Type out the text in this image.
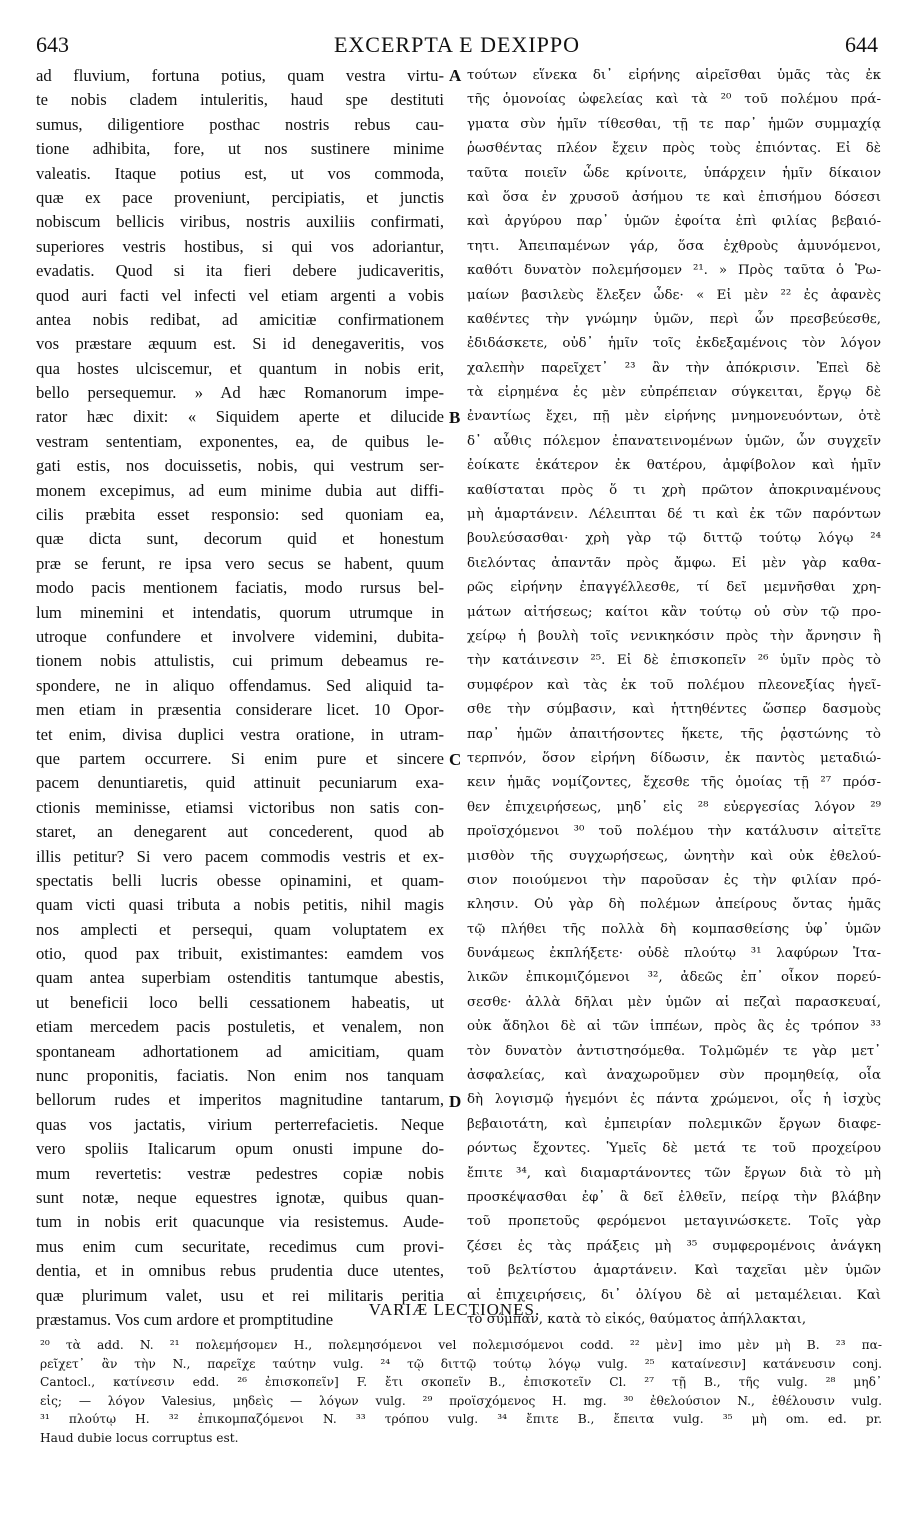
643	EXCERPTA E DEXIPPO	644
ad fluvium, fortuna potius, quam vestra virtu-
te nobis cladem intuleritis, haud spe destituti
sumus, diligentiore posthac nostris rebus cau-
tione adhibita, fore, ut nos sustinere minime
valeatis. Itaque potius est, ut vos commoda,
quæ ex pace proveniunt, percipiatis, et junctis
nobiscum bellicis viribus, nostris auxiliis confirmati,
superiores vestris hostibus, si qui vos adoriantur,
evadatis. Quod si ita fieri debere judicaveritis,
quod auri facti vel infecti vel etiam argenti a vobis
antea nobis redibat, ad amicitiæ confirmationem
vos præstare æquum est. Si id denegaveritis, vos
qua hostes ulciscemur, et quantum in nobis erit,
bello persequemur. » Ad hæc Romanorum impe-
rator hæc dixit: « Siquidem aperte et dilucide
vestram sententiam, exponentes, ea, de quibus le-
gati estis, nos docuissetis, nobis, qui vestrum ser-
monem excepimus, ad eum minime dubia aut diffi-
cilis præbita esset responsio: sed quoniam ea,
quæ dicta sunt, decorum quid et honestum
præ se ferunt, re ipsa vero secus se habent, quum
modo pacis mentionem faciatis, modo rursus bel-
lum minemini et intendatis, quorum utrumque in
utroque confundere et involvere videmini, dubita-
tionem nobis attulistis, cui primum debeamus re-
spondere, ne in aliquo offendamus. Sed aliquid ta-
men etiam in præsentia considerare licet. 10 Opor-
tet enim, divisa duplici vestra oratione, in utram-
que partem occurrere. Si enim pure et sincere
pacem denuntiaretis, quid attinuit pecuniarum exa-
ctionis meminisse, etiamsi victoribus non satis con-
staret, an denegarent aut concederent, quod ab
illis petitur? Si vero pacem commodis vestris et ex-
spectatis belli lucris obesse opinamini, et quam-
quam victi quasi tributa a nobis petitis, nihil magis
nos amplecti et persequi, quam voluptatem ex
otio, quod pax tribuit, existimantes: eamdem vos
quam antea superbiam ostenditis tantumque abestis,
ut beneficii loco belli cessationem habeatis, ut
etiam mercedem pacis postuletis, et venalem, non
spontaneam adhortationem ad amicitiam, quam
nunc proponitis, faciatis. Non enim nos tanquam
bellorum rudes et imperitos magnitudine tantarum,
quas vos jactatis, virium perterrefacietis. Neque
vero spoliis Italicarum opum onusti impune do-
mum revertetis: vestræ pedestres copiæ nobis
sunt notæ, neque equestres ignotæ, quibus quan-
tum in nobis erit quacunque via resistemus. Aude-
mus enim cum securitate, recedimus cum provi-
dentia, et in omnibus rebus prudentia duce utentes,
quæ plurimum valet, usu et rei militaris peritia
præstamus. Vos cum ardore et promptitudine
τούτων εἵνεκα δι᾽ εἰρήνης αἱρεῖσθαι ὑμᾶς τὰς ἐκ
τῆς ὁμονοίας ὠφελείας καὶ τὰ ²⁰ τοῦ πολέμου πρά-
γματα σὺν ἡμῖν τίθεσθαι, τῇ τε παρ᾽ ἡμῶν συμμαχίᾳ
ῥωσθέντας πλέον ἔχειν πρὸς τοὺς ἐπιόντας. Εἰ δὲ
ταῦτα ποιεῖν ὧδε κρίνοιτε, ὑπάρχειν ἡμῖν δίκαιον
καὶ ὅσα ἐν χρυσοῦ ἀσήμου τε καὶ ἐπισήμου δόσεσι
καὶ ἀργύρου παρ᾽ ὑμῶν ἐφοίτα ἐπὶ φιλίας βεβαιό-
τητι. Ἀπειπαμένων γάρ, ὅσα ἐχθροὺς ἀμυνόμενοι,
καθότι δυνατὸν πολεμήσομεν ²¹. » Πρὸς ταῦτα ὁ Ῥω-
μαίων βασιλεὺς ἔλεξεν ὧδε· « Εἰ μὲν ²² ἐς ἀφανὲς
καθέντες τὴν γνώμην ὑμῶν, περὶ ὧν πρεσβεύεσθε,
ἐδιδάσκετε, οὐδ᾽ ἡμῖν τοῖς ἐκδεξαμένοις τὸν λόγον
χαλεπὴν παρεῖχετ᾽ ²³ ἂν τὴν ἀπόκρισιν. Ἐπεὶ δὲ
τὰ εἰρημένα ἐς μὲν εὐπρέπειαν σύγκειται, ἔργῳ δὲ
ἐναντίως ἔχει, πῇ μὲν εἰρήνης μνημονευόντων, ὁτὲ
δ᾽ αὖθις πόλεμον ἐπανατεινομένων ὑμῶν, ὧν συγχεῖν
ἐοίκατε ἑκάτερον ἐκ θατέρου, ἀμφίβολον καὶ ἡμῖν
καθίσταται πρὸς ὅ τι χρὴ πρῶτον ἀποκριναμένους
μὴ ἁμαρτάνειν. Λέλειπται δέ τι καὶ ἐκ τῶν παρόντων
βουλεύσασθαι· χρὴ γὰρ τῷ διττῷ τούτῳ λόγῳ ²⁴
διελόντας ἀπαντᾶν πρὸς ἄμφω. Εἰ μὲν γὰρ καθα-
ρῶς εἰρήνην ἐπαγγέλλεσθε, τί δεῖ μεμνῆσθαι χρη-
μάτων αἰτήσεως; καίτοι κἂν τούτῳ οὐ σὺν τῷ προ-
χείρῳ ἡ βουλὴ τοῖς νενικηκόσιν πρὸς τὴν ἄρνησιν ἢ
τὴν κατάινεσιν ²⁵. Εἰ δὲ ἐπισκοπεῖν ²⁶ ὑμῖν πρὸς τὸ
συμφέρον καὶ τὰς ἐκ τοῦ πολέμου πλεονεξίας ἡγεῖ-
σθε τὴν σύμβασιν, καὶ ἡττηθέντες ὥσπερ δασμοὺς
παρ᾽ ἡμῶν ἀπαιτήσοντες ἥκετε, τῆς ῥᾳστώνης τὸ
τερπνόν, ὅσον εἰρήνη δίδωσιν, ἐκ παντὸς μεταδιώ-
κειν ἡμᾶς νομίζοντες, ἔχεσθε τῆς ὁμοίας τῇ ²⁷ πρόσ-
θεν ἐπιχειρήσεως, μηδ᾽ εἰς ²⁸ εὐεργεσίας λόγον ²⁹
προϊσχόμενοι ³⁰ τοῦ πολέμου τὴν κατάλυσιν αἰτεῖτε
μισθὸν τῆς συγχωρήσεως, ὠνητὴν καὶ οὐκ ἐθελού-
σιον ποιούμενοι τὴν παροῦσαν ἐς τὴν φιλίαν πρό-
κλησιν. Οὐ γὰρ δὴ πολέμων ἀπείρους ὄντας ἡμᾶς
τῷ πλήθει τῆς πολλὰ δὴ κομπασθείσης ὑφ᾽ ὑμῶν
δυνάμεως ἐκπλήξετε· οὐδὲ πλούτῳ ³¹ λαφύρων Ἰτα-
λικῶν ἐπικομιζόμενοι ³², ἀδεῶς ἐπ᾽ οἶκον πορεύ-
σεσθε· ἀλλὰ δῆλαι μὲν ὑμῶν αἱ πεζαὶ παρασκευαί,
οὐκ ἄδηλοι δὲ αἱ τῶν ἱππέων, πρὸς ἃς ἐς τρόπον ³³
τὸν δυνατὸν ἀντιστησόμεθα. Τολμῶμέν τε γὰρ μετ᾽
ἀσφαλείας, καὶ ἀναχωροῦμεν σὺν προμηθείᾳ, οἷα
δὴ λογισμῷ ἡγεμόνι ἐς πάντα χρώμενοι, οἷς ἡ ἰσχὺς
βεβαιοτάτη, καὶ ἐμπειρίαν πολεμικῶν ἔργων διαφε-
ρόντως ἔχοντες. Ὑμεῖς δὲ μετά τε τοῦ προχείρου
ἔπιτε ³⁴, καὶ διαμαρτάνοντες τῶν ἔργων διὰ τὸ μὴ
προσκέψασθαι ἐφ᾽ ἃ δεῖ ἐλθεῖν, πείρᾳ τὴν βλάβην
τοῦ προπετοῦς φερόμενοι μεταγινώσκετε. Τοῖς γὰρ
ζέσει ἐς τὰς πράξεις μὴ ³⁵ συμφερομένοις ἀνάγκη
τοῦ βελτίστου ἁμαρτάνειν. Καὶ ταχεῖαι μὲν ὑμῶν
αἱ ἐπιχειρήσεις, δι᾽ ὀλίγου δὲ αἱ μεταμέλειαι. Καὶ
τὸ σύμπαν, κατὰ τὸ εἰκός, θαύματος ἀπήλλακται,
A
B
C
D
VARIÆ LECTIONES.
²⁰ τὰ add. N. ²¹ πολεμήσομεν H., πολεμησόμενοι vel πολεμισόμενοι codd. ²² μὲν] imo μὲν μὴ B. ²³ πα-
ρεῖχετ᾽ ἂν τὴν N., παρεῖχε ταύτην vulg. ²⁴ τῷ διττῷ τούτῳ λόγῳ vulg. ²⁵ καταίνεσιν] κατάνευσιν conj.
Cantocl., κατίνεσιν edd. ²⁶ ἐπισκοπεῖν] F. ἔτι σκοπεῖν B., ἐπισκοτεῖν Cl. ²⁷ τῇ B., τῆς vulg. ²⁸ μηδ᾽
εἰς; — λόγον Valesius, μηδεὶς — λόγων vulg. ²⁹ προϊσχόμενος H. mg. ³⁰ ἐθελούσιον N., ἐθέλουσιν vulg.
³¹ πλούτῳ H. ³² ἐπικομπαζόμενοι N. ³³ τρόπου vulg. ³⁴ ἔπιτε B., ἔπειτα vulg. ³⁵ μὴ om. ed. pr.
Haud dubie locus corruptus est.
